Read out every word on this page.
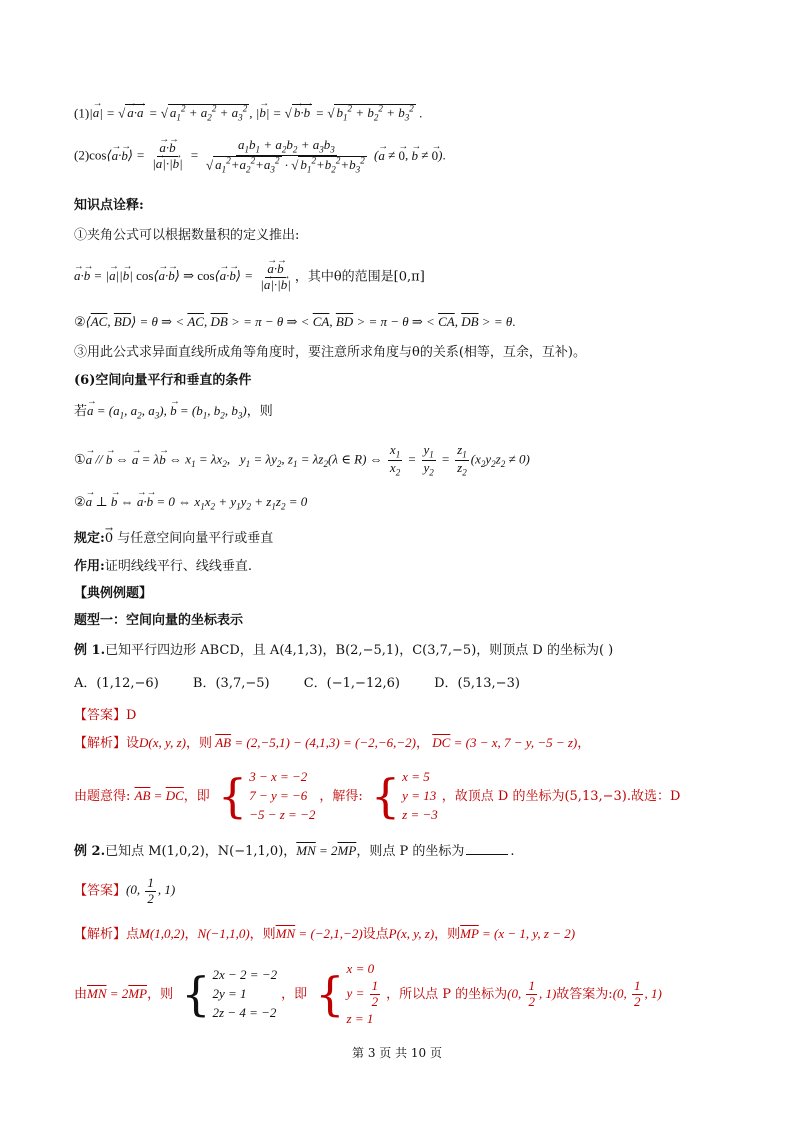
(1)|→ a| = √ → a·→ a = √ $a_1^2 + a_2^2 + a_3^2$ , |→ b| = √ → b·→ b = √ $b_1^2 + b_2^2 + b_3^2$ .
(2)cos⟨→ a·→ b⟩ = → $\frac{a\cdot\to b}{|\to a|\cdot|\to b|} = \frac{a_1b_1 + a_2b_2 + a_3b_3}{√ a_1^2+a_2^2+a_3^2 \cdot √ b_1^2+b_2^2+b_3^2}$ (→ a ≠ → 0, → b ≠ → 0).
知识点诠释:
①夹角公式可以根据数量积的定义推出:
→ a·→ b = |→ a||→ b| cos⟨→ a·→ b⟩ ⇒ cos⟨→ a·→ b⟩ = → $\frac{a\cdot\to b}{|\to a|\cdot|\to b|}$ ，其中θ的范围是[0,π]
$②⟨\overline{AC}$, $\overline{BD}⟩ = \theta$ ⇒ < $\overline{AC}$, $\overline{DB}$ > = π − θ ⇒ < $\overline{CA}$, $\overline{BD}$ > = π − θ ⇒ < $\overline{CA}$, $\overline{DB}$ > = θ.
③用此公式求异面直线所成角等角度时，要注意所求角度与θ的关系(相等，互余，互补)。
(6)空间向量平行和垂直的条件
若→ $a = (a_1$, $a_2$, $a_3$), → $b = (b_1$, $b_2$, $b_3$)，则
①→ a // → b ⇔ → a = λ→ b ⇔ $x_1 = \lambda x_2$,   $y_1 = \lambda y_2$, $z_1 = \lambda z_2(\lambda$ ∈ R) ⇔ $\frac{x_1}{x_2} = \frac{y_1}{y_2} = \frac{z_1}{z_2} (x_2y_2z_2 \ne 0)$
②→ a ⊥ → b ⇔ → a·→ b = 0 ⇔ $x_1x_2 + y_1y_2 + z_1z_2 = 0$
规定:→ 0 与任意空间向量平行或垂直
作用:证明线线平行、线线垂直.
【典例例题】
题型一：空间向量的坐标表示
例 1.已知平行四边形 ABCD，且 A(4,1,3)，B(2,−5,1)，C(3,7,−5)，则顶点 D 的坐标为( )
A．(1,12,−6)	B．(3,7,−5)	C．(−1,−12,6)	D．(5,13,−3)
【答案】D
【解析】设D(x, y, z)，则 $\overline{AB} = (2,-5,1) - (4,1,3) = (-2,-6,-2)$， $\overline{DC} = (3 - x$, 7 − y, −5 − z)，
由题意得: $\overline{AB} = \overline{DC}$，即 { 3 − x = −2
7 − y = −6
−5 − z = −2
，解得: { x = 5
y = 13
z = −3
，故顶点 D 的坐标为(5,13,−3).故选：D
例 2.已知点 M(1,0,2)，N(−1,1,0)，$\overline{MN} = 2\overline{MP}$，则点 P 的坐标为	.
【答案】(0, $\frac{1}{2}$ , 1)
【解析】点M(1,0,2)，N(−1,1,0)，则$\overline{MN} = (-2,1,-2)$设点P(x, y, z)，则$\overline{MP} = (x - 1$, y, z − 2)
由$\overline{MN} = 2\overline{MP}$，则 { 2x − 2 = −2
2y = 1
2z − 4 = −2
，即 { x = 0
$y = \frac{1}{2}$
z = 1
，所以点 P 的坐标为(0, $\frac{1}{2}$ , 1)故答案为:(0, $\frac{1}{2}$ , 1)
第 3 页 共 10 页
